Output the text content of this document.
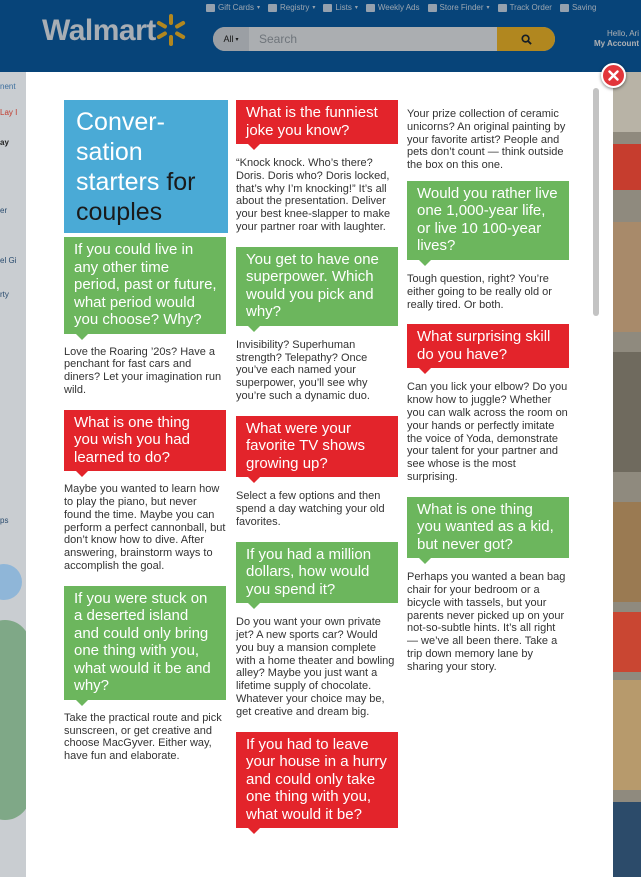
Gift Cards ▾	Registry ▾	Lists ▾	Weekly Ads	Store Finder ▾	Track Order	Saving
Walmart	All ▾
Search
Hello, Ari
My Account
nent
Lay I
ay
er
el Gi
rty
ps
Conver-sation starters for couples
If you could live in any other time period, past or future, what period would you choose? Why?
Love the Roaring ’20s? Have a penchant for fast cars and diners? Let your imagination run wild.
What is one thing you wish you had learned to do?
Maybe you wanted to learn how to play the piano, but never found the time. Maybe you can perform a perfect cannonball, but don’t know how to dive. After answering, brainstorm ways to accomplish the goal.
If you were stuck on a deserted island and could only bring one thing with you, what would it be and why?
Take the practical route and pick sunscreen, or get creative and choose MacGyver. Either way, have fun and elaborate.
What is the funniest joke you know?
“Knock knock. Who’s there? Doris. Doris who? Doris locked, that’s why I’m knocking!” It’s all about the presentation. Deliver your best knee-slapper to make your partner roar with laughter.
You get to have one superpower. Which would you pick and why?
Invisibility? Superhuman strength? Telepathy? Once you’ve each named your superpower, you’ll see why you’re such a dynamic duo.
What were your favorite TV shows growing up?
Select a few options and then spend a day watching your old favorites.
If you had a million dollars, how would you spend it?
Do you want your own private jet? A new sports car? Would you buy a mansion complete with a home theater and bowling alley? Maybe you just want a lifetime supply of chocolate. Whatever your choice may be, get creative and dream big.
If you had to leave your house in a hurry and could only take one thing with you, what would it be?
Your prize collection of ceramic unicorns? An original painting by your favorite artist? People and pets don’t count — think outside the box on this one.
Would you rather live one 1,000-year life, or live 10 100-year lives?
Tough question, right? You’re either going to be really old or really tired. Or both.
What surprising skill do you have?
Can you lick your elbow? Do you know how to juggle? Whether you can walk across the room on your hands or perfectly imitate the voice of Yoda, demonstrate your talent for your partner and see whose is the most surprising.
What is one thing you wanted as a kid, but never got?
Perhaps you wanted a bean bag chair for your bedroom or a bicycle with tassels, but your parents never picked up on your not-so-subtle hints. It’s all right — we’ve all been there. Take a trip down memory lane by sharing your story.
